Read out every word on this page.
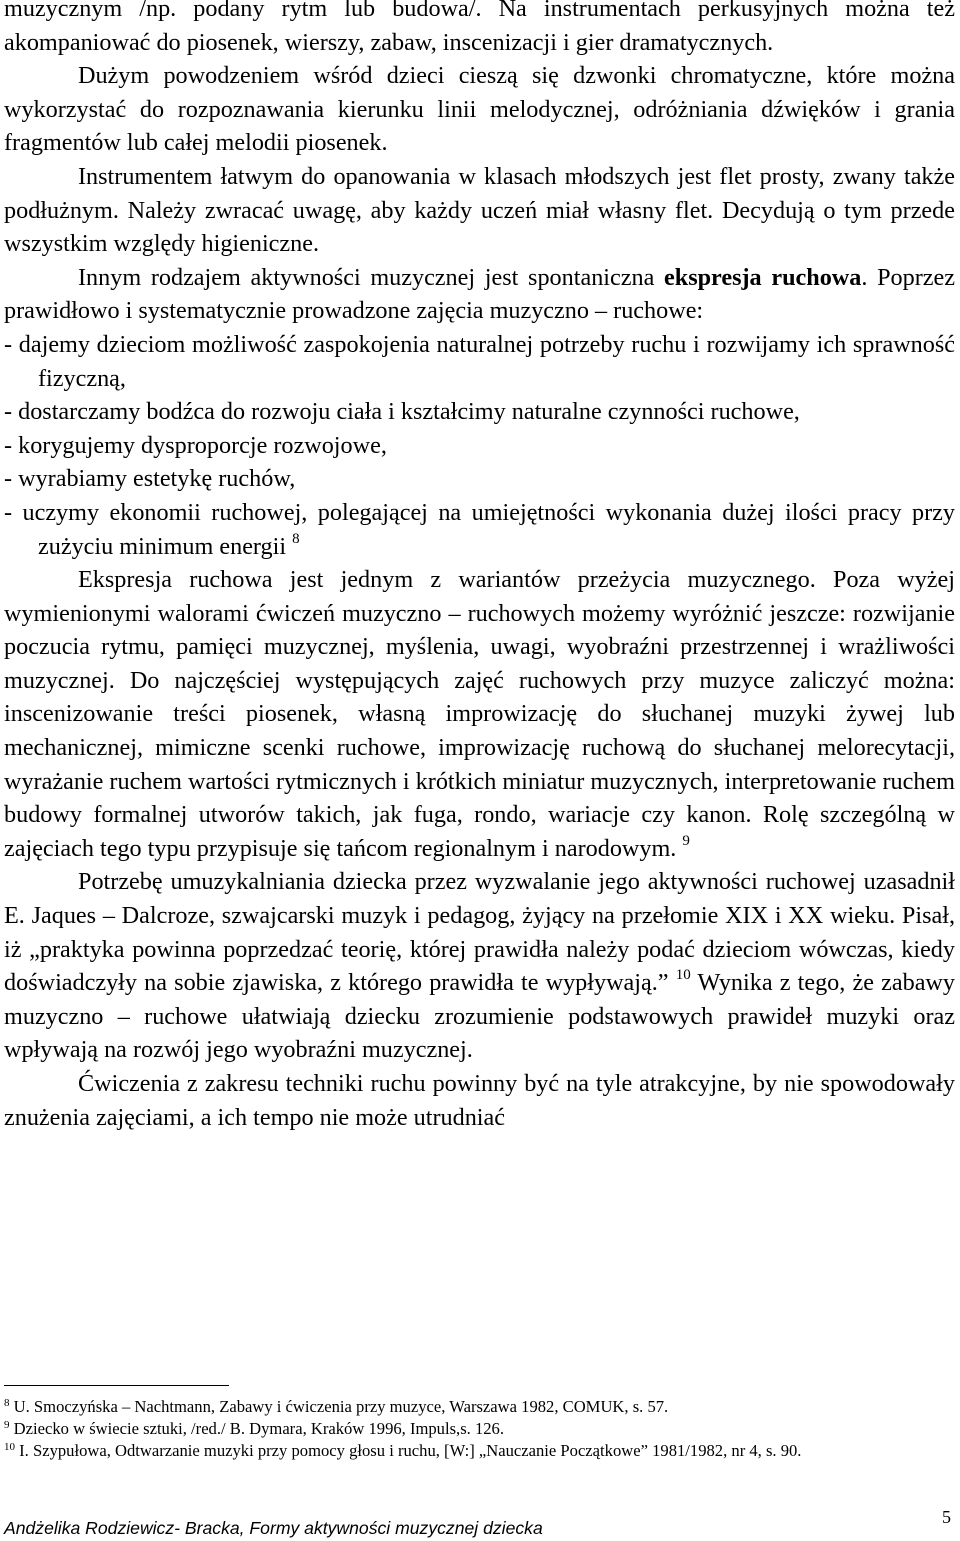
muzycznym /np. podany rytm lub budowa/. Na instrumentach perkusyjnych można też akompaniować do piosenek, wierszy, zabaw, inscenizacji i gier dramatycznych.

Dużym powodzeniem wśród dzieci cieszą się dzwonki chromatyczne, które można wykorzystać do rozpoznawania kierunku linii melodycznej, odróżniania dźwięków i grania fragmentów lub całej melodii piosenek.

Instrumentem łatwym do opanowania w klasach młodszych jest flet prosty, zwany także podłużnym. Należy zwracać uwagę, aby każdy uczeń miał własny flet. Decydują o tym przede wszystkim względy higieniczne.

Innym rodzajem aktywności muzycznej jest spontaniczna ekspresja ruchowa. Poprzez prawidłowo i systematycznie prowadzone zajęcia muzyczno – ruchowe:

- dajemy dzieciom możliwość zaspokojenia naturalnej potrzeby ruchu i rozwijamy ich sprawność fizyczną,

- dostarczamy bodźca do rozwoju ciała i kształcimy naturalne czynności ruchowe,

- korygujemy dysproporcje rozwojowe,

- wyrabiamy estetykę ruchów,

- uczymy ekonomii ruchowej, polegającej na umiejętności wykonania dużej ilości pracy przy zużyciu minimum energii $^8$

Ekspresja ruchowa jest jednym z wariantów przeżycia muzycznego. Poza wyżej wymienionymi walorami ćwiczeń muzyczno – ruchowych możemy wyróżnić jeszcze: rozwijanie poczucia rytmu, pamięci muzycznej, myślenia, uwagi, wyobraźni przestrzennej i wrażliwości muzycznej. Do najczęściej występujących zajęć ruchowych przy muzyce zaliczyć można: inscenizowanie treści piosenek, własną improwizację do słuchanej muzyki żywej lub mechanicznej, mimiczne scenki ruchowe, improwizację ruchową do słuchanej melorecytacji, wyrażanie ruchem wartości rytmicznych i krótkich miniatur muzycznych, interpretowanie ruchem budowy formalnej utworów takich, jak fuga, rondo, wariacje czy kanon. Rolę szczególną w zajęciach tego typu przypisuje się tańcom regionalnym i narodowym. $^9$

Potrzebę umuzykalniania dziecka przez wyzwalanie jego aktywności ruchowej uzasadnił E. Jaques – Dalcroze, szwajcarski muzyk i pedagog, żyjący na przełomie XIX i XX wieku. Pisał, iż „praktyka powinna poprzedzać teorię, której prawidła należy podać dzieciom wówczas, kiedy doświadczyły na sobie zjawiska, z którego prawidła te wypływają.” $^{10}$ Wynika z tego, że zabawy muzyczno – ruchowe ułatwiają dziecku zrozumienie podstawowych prawideł muzyki oraz wpływają na rozwój jego wyobraźni muzycznej.

Ćwiczenia z zakresu techniki ruchu powinny być na tyle atrakcyjne, by nie spowodowały znużenia zajęciami, a ich tempo nie może utrudniać

$^8$ U. Smoczyńska – Nachtmann, Zabawy i ćwiczenia przy muzyce, Warszawa 1982, COMUK, s. 57.

$^9$ Dziecko w świecie sztuki, /red./ B. Dymara, Kraków 1996, Impuls,s. 126.

$^{10}$ I. Szypułowa, Odtwarzanie muzyki przy pomocy głosu i ruchu, [W:] „Nauczanie Początkowe” 1981/1982, nr 4, s. 90.

Andżelika Rodziewicz- Bracka, Formy aktywności muzycznej dziecka
5
